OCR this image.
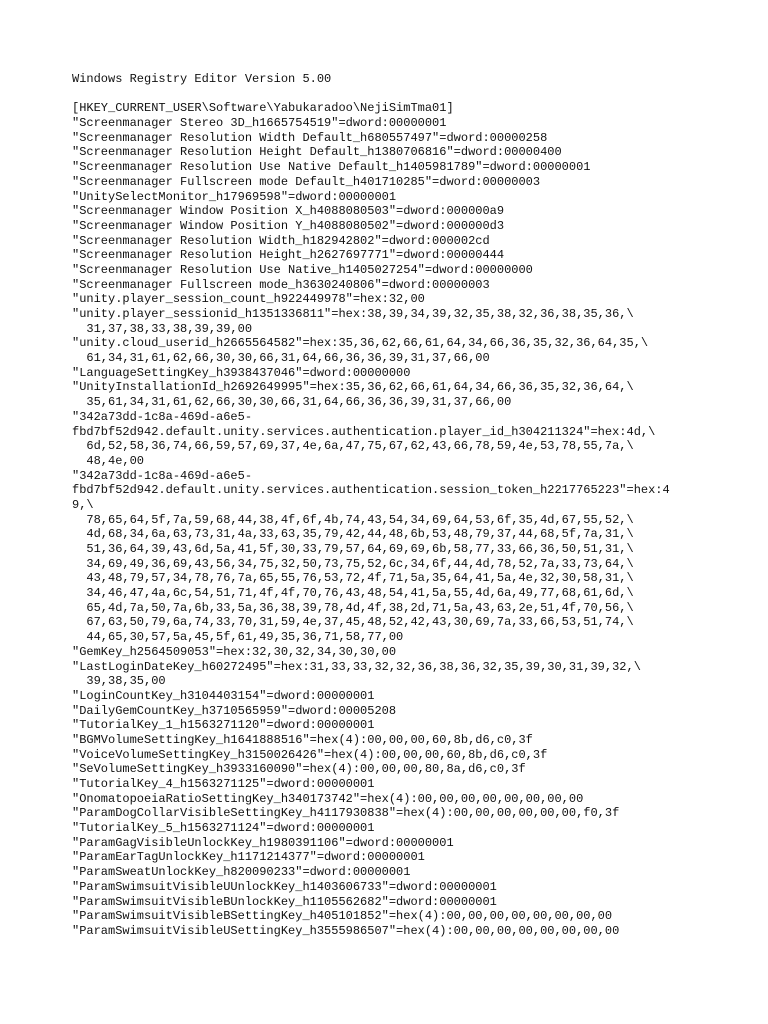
Windows Registry Editor Version 5.00
[HKEY_CURRENT_USER\Software\Yabukaradoo\NejiSimTma01]
"Screenmanager Stereo 3D_h1665754519"=dword:00000001
"Screenmanager Resolution Width Default_h680557497"=dword:00000258
"Screenmanager Resolution Height Default_h1380706816"=dword:00000400
"Screenmanager Resolution Use Native Default_h1405981789"=dword:00000001
"Screenmanager Fullscreen mode Default_h401710285"=dword:00000003
"UnitySelectMonitor_h17969598"=dword:00000001
"Screenmanager Window Position X_h4088080503"=dword:000000a9
"Screenmanager Window Position Y_h4088080502"=dword:000000d3
"Screenmanager Resolution Width_h182942802"=dword:000002cd
"Screenmanager Resolution Height_h2627697771"=dword:00000444
"Screenmanager Resolution Use Native_h1405027254"=dword:00000000
"Screenmanager Fullscreen mode_h3630240806"=dword:00000003
"unity.player_session_count_h922449978"=hex:32,00
"unity.player_sessionid_h1351336811"=hex:38,39,34,39,32,35,38,32,36,38,35,36,\
31,37,38,33,38,39,39,00
"unity.cloud_userid_h2665564582"=hex:35,36,62,66,61,64,34,66,36,35,32,36,64,35,\
61,34,31,61,62,66,30,30,66,31,64,66,36,36,39,31,37,66,00
"LanguageSettingKey_h3938437046"=dword:00000000
"UnityInstallationId_h2692649995"=hex:35,36,62,66,61,64,34,66,36,35,32,36,64,\
35,61,34,31,61,62,66,30,30,66,31,64,66,36,36,39,31,37,66,00
"342a73dd-1c8a-469d-a6e5-
fbd7bf52d942.default.unity.services.authentication.player_id_h304211324"=hex:4d,\
6d,52,58,36,74,66,59,57,69,37,4e,6a,47,75,67,62,43,66,78,59,4e,53,78,55,7a,\
48,4e,00
"342a73dd-1c8a-469d-a6e5-
fbd7bf52d942.default.unity.services.authentication.session_token_h2217765223"=hex:4
9,\
78,65,64,5f,7a,59,68,44,38,4f,6f,4b,74,43,54,34,69,64,53,6f,35,4d,67,55,52,\
4d,68,34,6a,63,73,31,4a,33,63,35,79,42,44,48,6b,53,48,79,37,44,68,5f,7a,31,\
51,36,64,39,43,6d,5a,41,5f,30,33,79,57,64,69,69,6b,58,77,33,66,36,50,51,31,\
34,69,49,36,69,43,56,34,75,32,50,73,75,52,6c,34,6f,44,4d,78,52,7a,33,73,64,\
43,48,79,57,34,78,76,7a,65,55,76,53,72,4f,71,5a,35,64,41,5a,4e,32,30,58,31,\
34,46,47,4a,6c,54,51,71,4f,4f,70,76,43,48,54,41,5a,55,4d,6a,49,77,68,61,6d,\
65,4d,7a,50,7a,6b,33,5a,36,38,39,78,4d,4f,38,2d,71,5a,43,63,2e,51,4f,70,56,\
67,63,50,79,6a,74,33,70,31,59,4e,37,45,48,52,42,43,30,69,7a,33,66,53,51,74,\
44,65,30,57,5a,45,5f,61,49,35,36,71,58,77,00
"GemKey_h2564509053"=hex:32,30,32,34,30,30,00
"LastLoginDateKey_h60272495"=hex:31,33,33,32,32,36,38,36,32,35,39,30,31,39,32,\
39,38,35,00
"LoginCountKey_h3104403154"=dword:00000001
"DailyGemCountKey_h3710565959"=dword:00005208
"TutorialKey_1_h1563271120"=dword:00000001
"BGMVolumeSettingKey_h1641888516"=hex(4):00,00,00,60,8b,d6,c0,3f
"VoiceVolumeSettingKey_h3150026426"=hex(4):00,00,00,60,8b,d6,c0,3f
"SeVolumeSettingKey_h3933160090"=hex(4):00,00,00,80,8a,d6,c0,3f
"TutorialKey_4_h1563271125"=dword:00000001
"OnomatopoeiaRatioSettingKey_h340173742"=hex(4):00,00,00,00,00,00,00,00
"ParamDogCollarVisibleSettingKey_h4117930838"=hex(4):00,00,00,00,00,00,f0,3f
"TutorialKey_5_h1563271124"=dword:00000001
"ParamGagVisibleUnlockKey_h1980391106"=dword:00000001
"ParamEarTagUnlockKey_h1171214377"=dword:00000001
"ParamSweatUnlockKey_h820090233"=dword:00000001
"ParamSwimsuitVisibleUUnlockKey_h1403606733"=dword:00000001
"ParamSwimsuitVisibleBUnlockKey_h1105562682"=dword:00000001
"ParamSwimsuitVisibleBSettingKey_h405101852"=hex(4):00,00,00,00,00,00,00,00
"ParamSwimsuitVisibleUSettingKey_h3555986507"=hex(4):00,00,00,00,00,00,00,00
